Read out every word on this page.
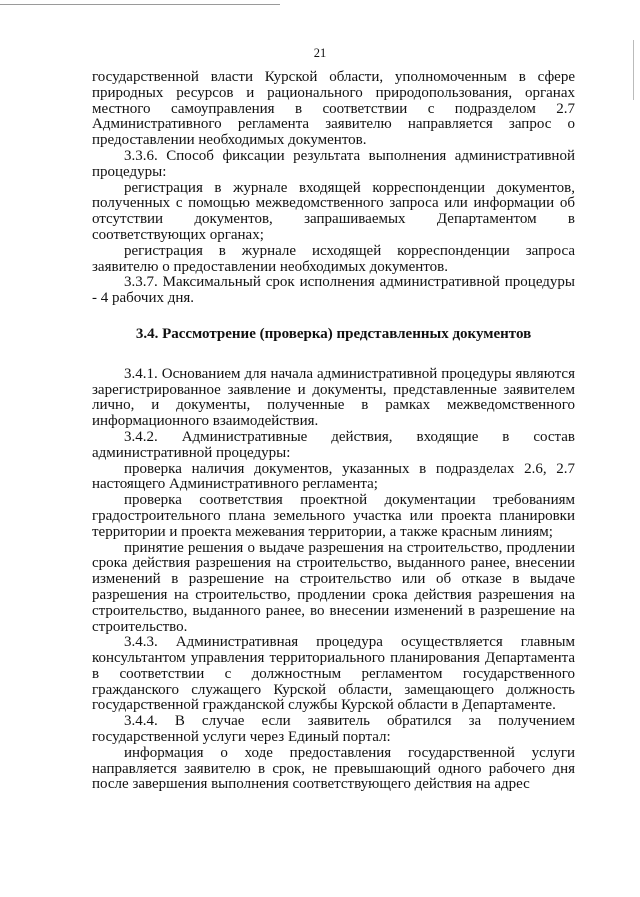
21

государственной власти Курской области, уполномоченным в сфере природных ресурсов и рационального природопользования, органах местного самоуправления в соответствии с подразделом 2.7 Административного регламента заявителю направляется запрос о предоставлении необходимых документов.

3.3.6. Способ фиксации результата выполнения административной процедуры:

регистрация в журнале входящей корреспонденции документов, полученных с помощью межведомственного запроса или информации об отсутствии документов, запрашиваемых Департаментом в соответствующих органах;

регистрация в журнале исходящей корреспонденции запроса заявителю о предоставлении необходимых документов.

3.3.7. Максимальный срок исполнения административной процедуры - 4 рабочих дня.

3.4. Рассмотрение (проверка) представленных документов

3.4.1. Основанием для начала административной процедуры являются зарегистрированное заявление и документы, представленные заявителем лично, и документы, полученные в рамках межведомственного информационного взаимодействия.

3.4.2. Административные действия, входящие в состав административной процедуры:

проверка наличия документов, указанных в подразделах 2.6, 2.7 настоящего Административного регламента;

проверка соответствия проектной документации требованиям градостроительного плана земельного участка или проекта планировки территории и проекта межевания территории, а также красным линиям;

принятие решения о выдаче разрешения на строительство, продлении срока действия разрешения на строительство, выданного ранее, внесении изменений в разрешение на строительство или об отказе в выдаче разрешения на строительство, продлении срока действия разрешения на строительство, выданного ранее, во внесении изменений в разрешение на строительство.

3.4.3. Административная процедура осуществляется главным консультантом управления территориального планирования Департамента в соответствии с должностным регламентом государственного гражданского служащего Курской области, замещающего должность государственной гражданской службы Курской области в Департаменте.

3.4.4. В случае если заявитель обратился за получением государственной услуги через Единый портал:

информация о ходе предоставления государственной услуги направляется заявителю в срок, не превышающий одного рабочего дня после завершения выполнения соответствующего действия на адрес
